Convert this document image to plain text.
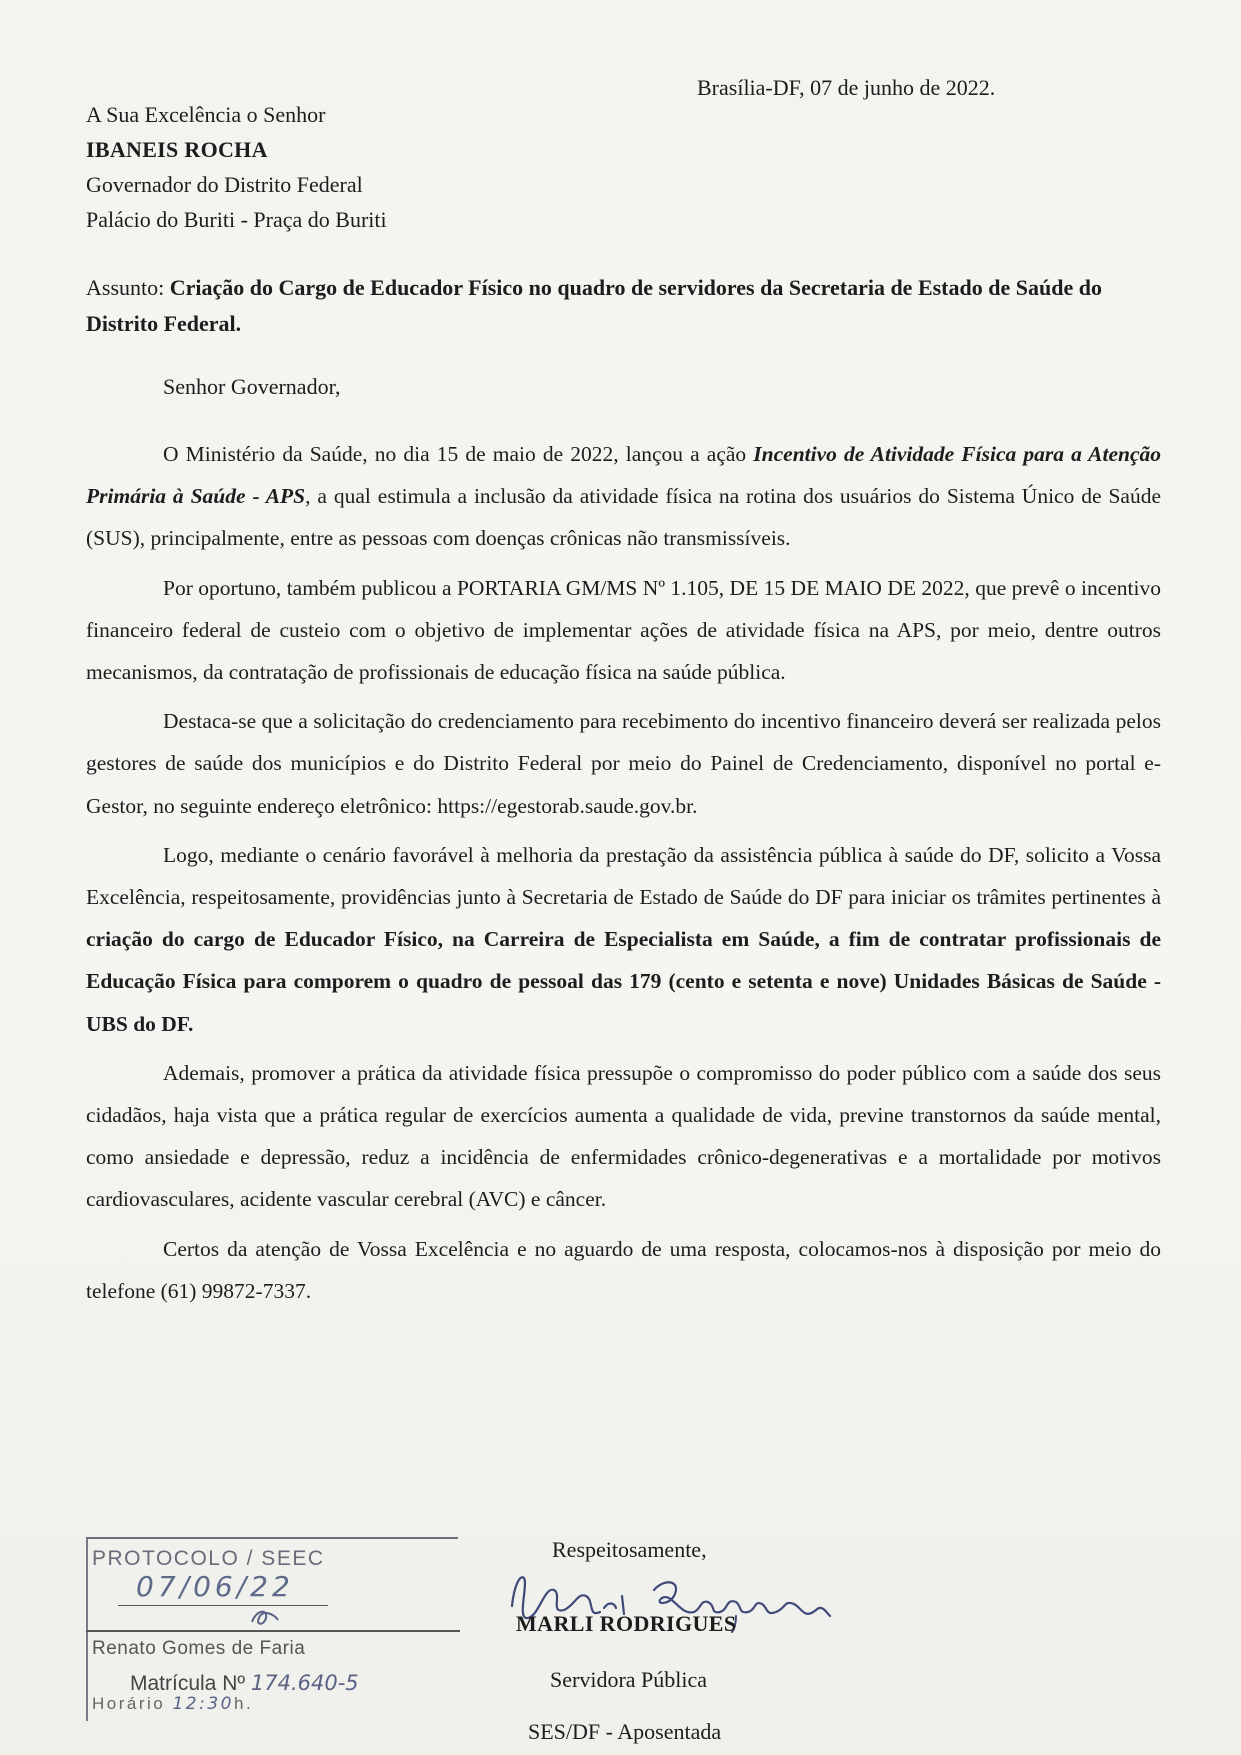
Brasília-DF, 07 de junho de 2022.
A Sua Excelência o Senhor
IBANEIS ROCHA
Governador do Distrito Federal
Palácio do Buriti - Praça do Buriti
Assunto: Criação do Cargo de Educador Físico no quadro de servidores da Secretaria de Estado de Saúde do Distrito Federal.
Senhor Governador,

O Ministério da Saúde, no dia 15 de maio de 2022, lançou a ação Incentivo de Atividade Física para a Atenção Primária à Saúde - APS, a qual estimula a inclusão da atividade física na rotina dos usuários do Sistema Único de Saúde (SUS), principalmente, entre as pessoas com doenças crônicas não transmissíveis.

Por oportuno, também publicou a PORTARIA GM/MS Nº 1.105, DE 15 DE MAIO DE 2022, que prevê o incentivo financeiro federal de custeio com o objetivo de implementar ações de atividade física na APS, por meio, dentre outros mecanismos, da contratação de profissionais de educação física na saúde pública.

Destaca-se que a solicitação do credenciamento para recebimento do incentivo financeiro deverá ser realizada pelos gestores de saúde dos municípios e do Distrito Federal por meio do Painel de Credenciamento, disponível no portal e-Gestor, no seguinte endereço eletrônico: https://egestorab.saude.gov.br.

Logo, mediante o cenário favorável à melhoria da prestação da assistência pública à saúde do DF, solicito a Vossa Excelência, respeitosamente, providências junto à Secretaria de Estado de Saúde do DF para iniciar os trâmites pertinentes à criação do cargo de Educador Físico, na Carreira de Especialista em Saúde, a fim de contratar profissionais de Educação Física para comporem o quadro de pessoal das 179 (cento e setenta e nove) Unidades Básicas de Saúde - UBS do DF.

Ademais, promover a prática da atividade física pressupõe o compromisso do poder público com a saúde dos seus cidadãos, haja vista que a prática regular de exercícios aumenta a qualidade de vida, previne transtornos da saúde mental, como ansiedade e depressão, reduz a incidência de enfermidades crônico-degenerativas e a mortalidade por motivos cardiovasculares, acidente vascular cerebral (AVC) e câncer.

Certos da atenção de Vossa Excelência e no aguardo de uma resposta, colocamos-nos à disposição por meio do telefone (61) 99872-7337.

PROTOCOLO / SEEC
07/06/22
Renato Gomes de Faria
Matrícula Nº 174.640-5
Horário 12:30h.
Respeitosamente,
MARLI RODRIGUES
Servidora Pública
SES/DF - Aposentada
